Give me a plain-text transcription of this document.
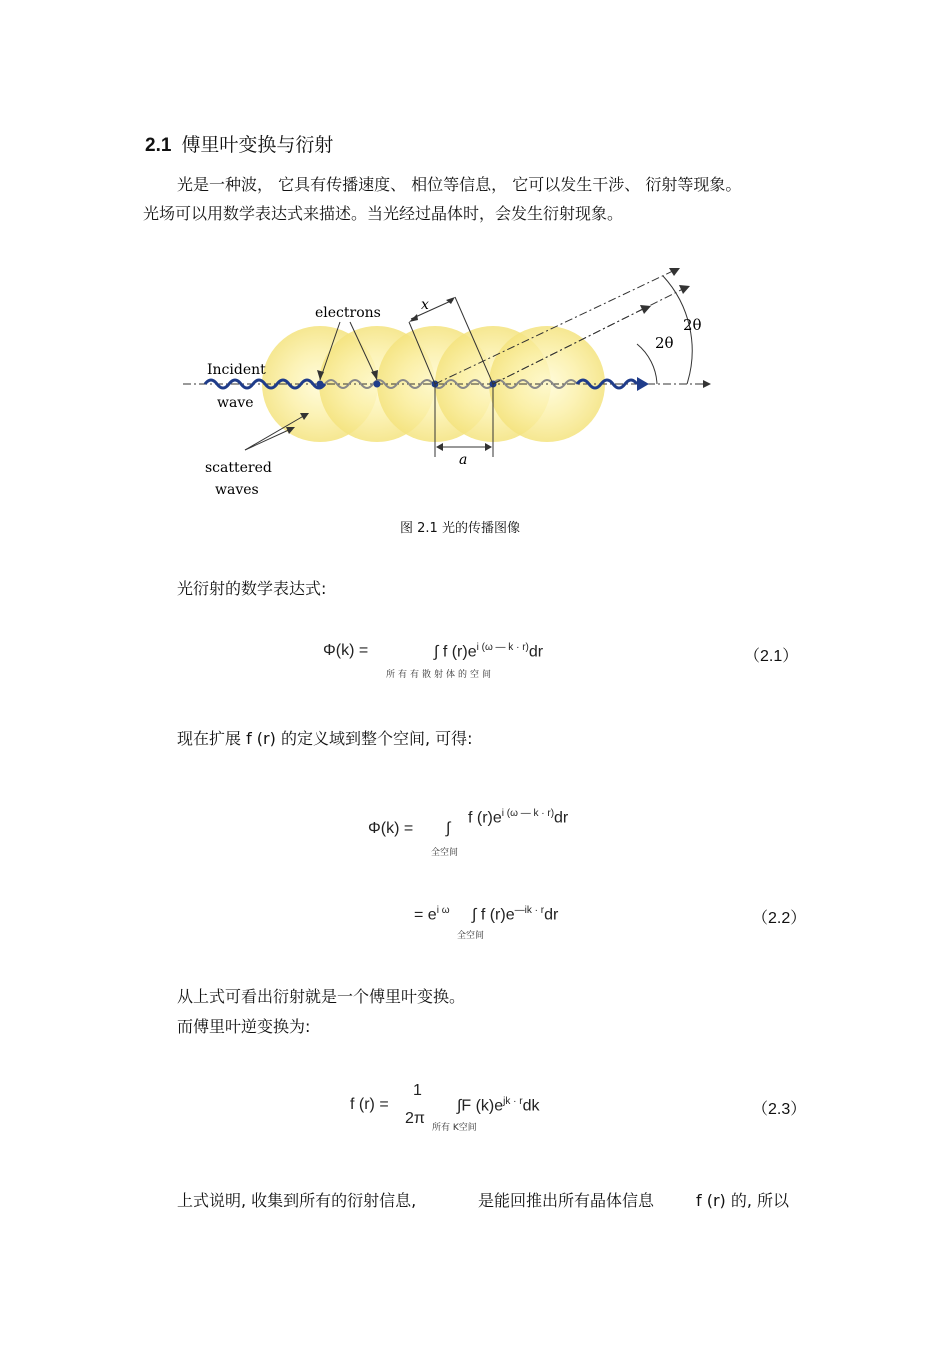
2.1 傅里叶变换与衍射
光是一种波， 它具有传播速度、 相位等信息， 它可以发生干涉、 衍射等现象。
光场可以用数学表达式来描述。当光经过晶体时，会发生衍射现象。
electrons	x
Incident
wave
scattered
waves
a
2θ
2θ
图 2.1 光的传播图像
光衍射的数学表达式:
Φ(k) =	∫ f $(r)e^{i (\omega — k \cdot r)}dr$
所有有散射体的空间
（2.1）
现在扩展 f (r) 的定义域到整个空间, 可得:
Φ(k) = ∫
f $(r)e^{i (\omega — k \cdot r)}dr$
全空间
= $e^{i \omega}$ ∫ f $(r)e^{—ik \cdot r}dr$
全空间
（2.2）
从上式可看出衍射就是一个傅里叶变换。
而傅里叶逆变换为:
f (r) =
1
2π
∫F $(k)e^{jk \cdot r}dk$
所有 K空间
（2.3）
上式说明, 收集到所有的衍射信息,	是能回推出所有晶体信息	f (r) 的, 所以
